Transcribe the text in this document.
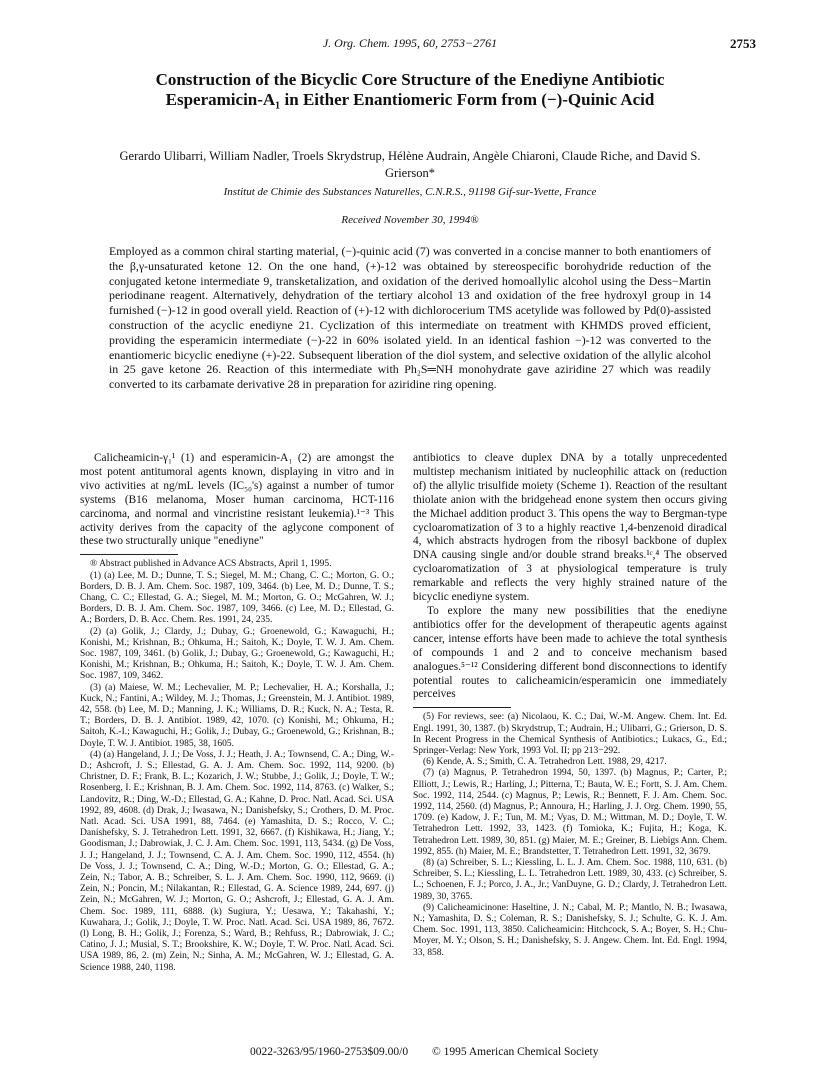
J. Org. Chem. 1995, 60, 2753−2761	2753
Construction of the Bicyclic Core Structure of the Enediyne Antibiotic Esperamicin-A₁ in Either Enantiomeric Form from (−)-Quinic Acid
Gerardo Ulibarri, William Nadler, Troels Skrydstrup, Hélène Audrain, Angèle Chiaroni, Claude Riche, and David S. Grierson*
Institut de Chimie des Substances Naturelles, C.N.R.S., 91198 Gif-sur-Yvette, France
Received November 30, 1994®
Employed as a common chiral starting material, (−)-quinic acid (7) was converted in a concise manner to both enantiomers of the β,γ-unsaturated ketone 12. On the one hand, (+)-12 was obtained by stereospecific borohydride reduction of the conjugated ketone intermediate 9, transketalization, and oxidation of the derived homoallylic alcohol using the Dess−Martin periodinane reagent. Alternatively, dehydration of the tertiary alcohol 13 and oxidation of the free hydroxyl group in 14 furnished (−)-12 in good overall yield. Reaction of (+)-12 with dichlorocerium TMS acetylide was followed by Pd(0)-assisted construction of the acyclic enediyne 21. Cyclization of this intermediate on treatment with KHMDS proved efficient, providing the esperamicin intermediate (−)-22 in 60% isolated yield. In an identical fashion −)-12 was converted to the enantiomeric bicyclic enediyne (+)-22. Subsequent liberation of the diol system, and selective oxidation of the allylic alcohol in 25 gave ketone 26. Reaction of this intermediate with Ph₂S═NH monohydrate gave aziridine 27 which was readily converted to its carbamate derivative 28 in preparation for aziridine ring opening.

Calicheamicin-γ₁¹ (1) and esperamicin-A₁ (2) are amongst the most potent antitumoral agents known, displaying in vitro and in vivo activities at ng/mL levels (IC₅₀'s) against a number of tumor systems (B16 melanoma, Moser human carcinoma, HCT-116 carcinoma, and normal and vincristine resistant leukemia).¹⁻³ This activity derives from the capacity of the aglycone component of these two structurally unique "enediyne"

® Abstract published in Advance ACS Abstracts, April 1, 1995.

(1) (a) Lee, M. D.; Dunne, T. S.; Siegel, M. M.; Chang, C. C.; Morton, G. O.; Borders, D. B. J. Am. Chem. Soc. 1987, 109, 3464. (b) Lee, M. D.; Dunne, T. S.; Chang, C. C.; Ellestad, G. A.; Siegel, M. M.; Morton, G. O.; McGahren, W. J.; Borders, D. B. J. Am. Chem. Soc. 1987, 109, 3466. (c) Lee, M. D.; Ellestad, G. A.; Borders, D. B. Acc. Chem. Res. 1991, 24, 235.

(2) (a) Golik, J.; Clardy, J.; Dubay, G.; Groenewold, G.; Kawaguchi, H.; Konishi, M.; Krishnan, B.; Ohkuma, H.; Saitoh, K.; Doyle, T. W. J. Am. Chem. Soc. 1987, 109, 3461. (b) Golik, J.; Dubay, G.; Groenewold, G.; Kawaguchi, H.; Konishi, M.; Krishnan, B.; Ohkuma, H.; Saitoh, K.; Doyle, T. W. J. Am. Chem. Soc. 1987, 109, 3462.

(3) (a) Maiese, W. M.; Lechevalier, M. P.; Lechevalier, H. A.; Korshalla, J.; Kuck, N.; Fantini, A.; Wildey, M. J.; Thomas, J.; Greenstein, M. J. Antibiot. 1989, 42, 558. (b) Lee, M. D.; Manning, J. K.; Williams, D. R.; Kuck, N. A.; Testa, R. T.; Borders, D. B. J. Antibiot. 1989, 42, 1070. (c) Konishi, M.; Ohkuma, H.; Saitoh, K.-I.; Kawaguchi, H.; Golik, J.; Dubay, G.; Groenewold, G.; Krishnan, B.; Doyle, T. W. J. Antibiot. 1985, 38, 1605.

(4) (a) Hangeland, J. J.; De Voss, J. J.; Heath, J. A.; Townsend, C. A.; Ding, W.-D.; Ashcroft, J. S.; Ellestad, G. A. J. Am. Chem. Soc. 1992, 114, 9200. (b) Christner, D. F.; Frank, B. L.; Kozarich, J. W.; Stubbe, J.; Golik, J.; Doyle, T. W.; Rosenberg, I. E.; Krishnan, B. J. Am. Chem. Soc. 1992, 114, 8763. (c) Walker, S.; Landovitz, R.; Ding, W.-D.; Ellestad, G. A.; Kahne, D. Proc. Natl. Acad. Sci. USA 1992, 89, 4608. (d) Drak, J.; Iwasawa, N.; Danishefsky, S.; Crothers, D. M. Proc. Natl. Acad. Sci. USA 1991, 88, 7464. (e) Yamashita, D. S.; Rocco, V. C.; Danishefsky, S. J. Tetrahedron Lett. 1991, 32, 6667. (f) Kishikawa, H.; Jiang, Y.; Goodisman, J.; Dabrowiak, J. C. J. Am. Chem. Soc. 1991, 113, 5434. (g) De Voss, J. J.; Hangeland, J. J.; Townsend, C. A. J. Am. Chem. Soc. 1990, 112, 4554. (h) De Voss, J. J.; Townsend, C. A.; Ding, W.-D.; Morton, G. O.; Ellestad, G. A.; Zein, N.; Tabor, A. B.; Schreiber, S. L. J. Am. Chem. Soc. 1990, 112, 9669. (i) Zein, N.; Poncin, M.; Nilakantan, R.; Ellestad, G. A. Science 1989, 244, 697. (j) Zein, N.; McGahren, W. J.; Morton, G. O.; Ashcroft, J.; Ellestad, G. A. J. Am. Chem. Soc. 1989, 111, 6888. (k) Sugiura, Y.; Uesawa, Y.; Takahashi, Y.; Kuwahara, J.; Golik, J.; Doyle, T. W. Proc. Natl. Acad. Sci. USA 1989, 86, 7672. (l) Long, B. H.; Golik, J.; Forenza, S.; Ward, B.; Rehfuss, R.; Dabrowiak, J. C.; Catino, J. J.; Musial, S. T.; Brookshire, K. W.; Doyle, T. W. Proc. Natl. Acad. Sci. USA 1989, 86, 2. (m) Zein, N.; Sinha, A. M.; McGahren, W. J.; Ellestad, G. A. Science 1988, 240, 1198.

antibiotics to cleave duplex DNA by a totally unprecedented multistep mechanism initiated by nucleophilic attack on (reduction of) the allylic trisulfide moiety (Scheme 1). Reaction of the resultant thiolate anion with the bridgehead enone system then occurs giving the Michael addition product 3. This opens the way to Bergman-type cycloaromatization of 3 to a highly reactive 1,4-benzenoid diradical 4, which abstracts hydrogen from the ribosyl backbone of duplex DNA causing single and/or double strand breaks.¹ᶜ,⁴ The observed cycloaromatization of 3 at physiological temperature is truly remarkable and reflects the very highly strained nature of the bicyclic enediyne system.

To explore the many new possibilities that the enediyne antibiotics offer for the development of therapeutic agents against cancer, intense efforts have been made to achieve the total synthesis of compounds 1 and 2 and to conceive mechanism based analogues.⁵⁻¹² Considering different bond disconnections to identify potential routes to calicheamicin/esperamicin one immediately perceives

(5) For reviews, see: (a) Nicolaou, K. C.; Dai, W.-M. Angew. Chem. Int. Ed. Engl. 1991, 30, 1387. (b) Skrydstrup, T.; Audrain, H.; Ulibarri, G.; Grierson, D. S. In Recent Progress in the Chemical Synthesis of Antibiotics.; Lukacs, G., Ed.; Springer-Verlag: New York, 1993 Vol. II; pp 213−292.

(6) Kende, A. S.; Smith, C. A. Tetrahedron Lett. 1988, 29, 4217.

(7) (a) Magnus, P. Tetrahedron 1994, 50, 1397. (b) Magnus, P.; Carter, P.; Elliott, J.; Lewis, R.; Harling, J.; Pitterna, T.; Bauta, W. E.; Fortt, S. J. Am. Chem. Soc. 1992, 114, 2544. (c) Magnus, P.; Lewis, R.; Bennett, F. J. Am. Chem. Soc. 1992, 114, 2560. (d) Magnus, P.; Annoura, H.; Harling, J. J. Org. Chem. 1990, 55, 1709. (e) Kadow, J. F.; Tun, M. M.; Vyas, D. M.; Wittman, M. D.; Doyle, T. W. Tetrahedron Lett. 1992, 33, 1423. (f) Tomioka, K.; Fujita, H.; Koga, K. Tetrahedron Lett. 1989, 30, 851. (g) Maier, M. E.; Greiner, B. Liebigs Ann. Chem. 1992, 855. (h) Maier, M. E.; Brandstetter, T. Tetrahedron Lett. 1991, 32, 3679.

(8) (a) Schreiber, S. L.; Kiessling, L. L. J. Am. Chem. Soc. 1988, 110, 631. (b) Schreiber, S. L.; Kiessling, L. L. Tetrahedron Lett. 1989, 30, 433. (c) Schreiber, S. L.; Schoenen, F. J.; Porco, J. A., Jr.; VanDuyne, G. D.; Clardy, J. Tetrahedron Lett. 1989, 30, 3765.

(9) Calicheamicinone: Haseltine, J. N.; Cabal, M. P.; Mantlo, N. B.; Iwasawa, N.; Yamashita, D. S.; Coleman, R. S.; Danishefsky, S. J.; Schulte, G. K. J. Am. Chem. Soc. 1991, 113, 3850. Calicheamicin: Hitchcock, S. A.; Boyer, S. H.; Chu-Moyer, M. Y.; Olson, S. H.; Danishefsky, S. J. Angew. Chem. Int. Ed. Engl. 1994, 33, 858.

0022-3263/95/1960-2753$09.00/0 © 1995 American Chemical Society
